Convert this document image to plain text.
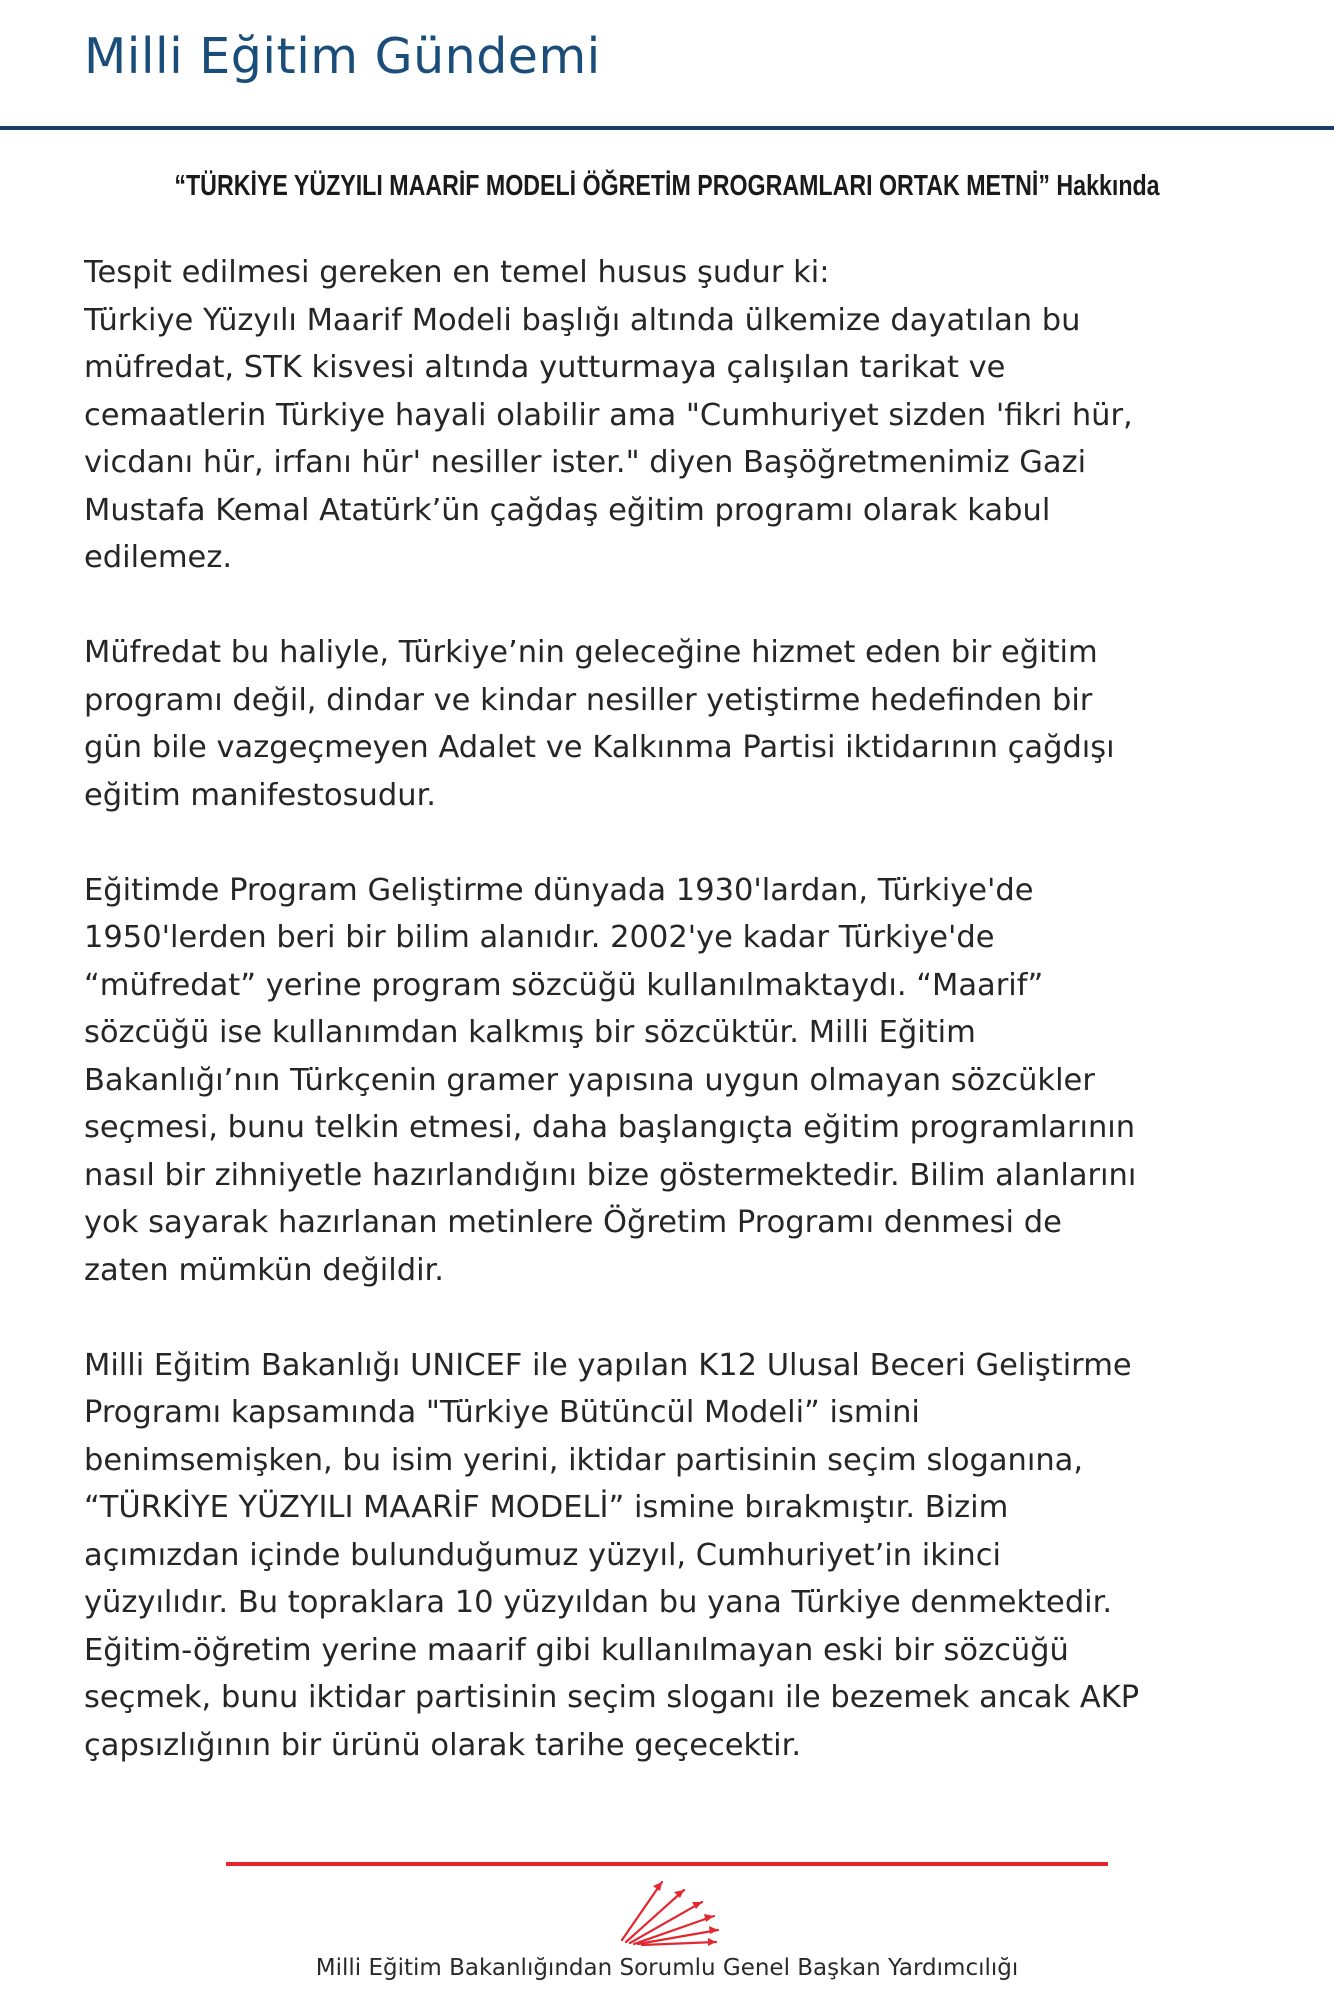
Milli Eğitim Gündemi
“TÜRKİYE YÜZYILI MAARİF MODELİ ÖĞRETİM PROGRAMLARI ORTAK METNİ” Hakkında

Tespit edilmesi gereken en temel husus şudur ki:
Türkiye Yüzyılı Maarif Modeli başlığı altında ülkemize dayatılan bu
müfredat, STK kisvesi altında yutturmaya çalışılan tarikat ve
cemaatlerin Türkiye hayali olabilir ama "Cumhuriyet sizden 'fikri hür,
vicdanı hür, irfanı hür' nesiller ister." diyen Başöğretmenimiz Gazi
Mustafa Kemal Atatürk’ün çağdaş eğitim programı olarak kabul
edilemez.

Müfredat bu haliyle, Türkiye’nin geleceğine hizmet eden bir eğitim
programı değil, dindar ve kindar nesiller yetiştirme hedefinden bir
gün bile vazgeçmeyen Adalet ve Kalkınma Partisi iktidarının çağdışı
eğitim manifestosudur.

Eğitimde Program Geliştirme dünyada 1930'lardan, Türkiye'de
1950'lerden beri bir bilim alanıdır. 2002'ye kadar Türkiye'de
“müfredat” yerine program sözcüğü kullanılmaktaydı. “Maarif”
sözcüğü ise kullanımdan kalkmış bir sözcüktür. Milli Eğitim
Bakanlığı’nın Türkçenin gramer yapısına uygun olmayan sözcükler
seçmesi, bunu telkin etmesi, daha başlangıçta eğitim programlarının
nasıl bir zihniyetle hazırlandığını bize göstermektedir. Bilim alanlarını
yok sayarak hazırlanan metinlere Öğretim Programı denmesi de
zaten mümkün değildir.

Milli Eğitim Bakanlığı UNICEF ile yapılan K12 Ulusal Beceri Geliştirme
Programı kapsamında "Türkiye Bütüncül Modeli” ismini
benimsemişken, bu isim yerini, iktidar partisinin seçim sloganına,
“TÜRKİYE YÜZYILI MAARİF MODELİ” ismine bırakmıştır. Bizim
açımızdan içinde bulunduğumuz yüzyıl, Cumhuriyet’in ikinci
yüzyılıdır. Bu topraklara 10 yüzyıldan bu yana Türkiye denmektedir.
Eğitim-öğretim yerine maarif gibi kullanılmayan eski bir sözcüğü
seçmek, bunu iktidar partisinin seçim sloganı ile bezemek ancak AKP
çapsızlığının bir ürünü olarak tarihe geçecektir.

Milli Eğitim Bakanlığından Sorumlu Genel Başkan Yardımcılığı
